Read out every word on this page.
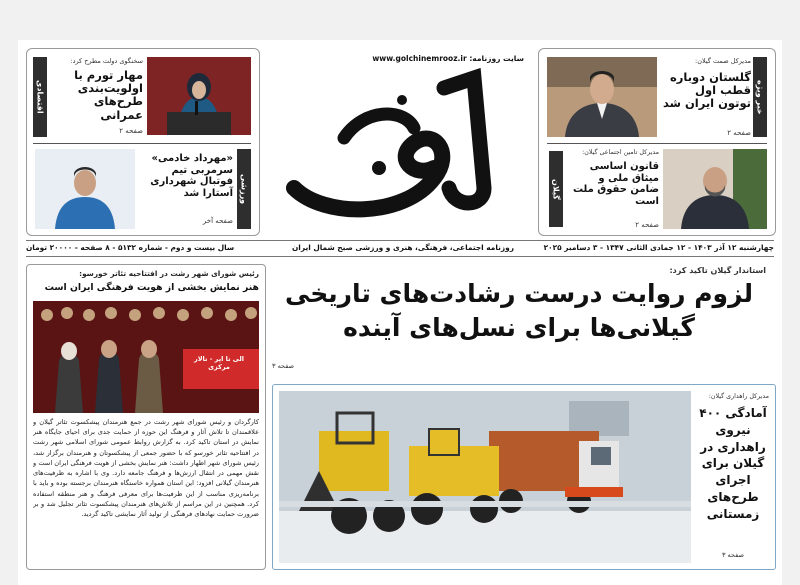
اقتصادی
سخنگوی دولت مطرح کرد:
مهار تورم با اولویت‌بندی طرح‌های عمرانی
صفحه ۲
ورزشی
«مهرداد خادمی» سرمربی تیم فوتبال شهرداری آستارا شد
صفحه آخر
سایت روزنامه: www.golchinemrooz.ir
خبر ویژه
مدیرکل صمت گیلان:
گلستان دوباره قطب اول توتون ایران شد
صفحه ۲
گیلان
مدیرکل تامین اجتماعی گیلان:
قانون اساسی میثاق ملی و ضامن حقوق ملت است
صفحه ۲
چهارشنبه ۱۲ آذر ۱۴۰۳ - ۱۲ جمادی الثانی ۱۳۴۷ - ۳ دسامبر ۲۰۲۵
روزنامه اجتماعی، فرهنگی، هنری و ورزشی صبح شمال ایران
سال بیست و دوم - شماره ۵۱۳۲ - ۸ صفحه - ۲۰۰۰۰ تومان
رئیس شورای شهر رشت در افتتاحیه تئاتر خورسو:
هنر نمایش بخشی از هویت فرهنگی ایران است
الی تا اپر - تالار مرکزی
کارگردان و رئیس شورای شهر رشت در جمع هنرمندان پیشکسوت تئاتر گیلان و علاقمندان تا تلاش آثار و فرهنگ این حوزه از حمایت جدی برای احیای جایگاه هنر نمایش در استان تاکید کرد. به گزارش روابط عمومی شورای اسلامی شهر رشت در افتتاحیه تئاتر خورسو که با حضور جمعی از پیشکسوتان و هنرمندان برگزار شد، رئیس شورای شهر اظهار داشت: هنر نمایش بخشی از هویت فرهنگی ایران است و نقش مهمی در انتقال ارزش‌ها و فرهنگ جامعه دارد. وی با اشاره به ظرفیت‌های هنرمندان گیلانی افزود: این استان همواره خاستگاه هنرمندان برجسته بوده و باید با برنامه‌ریزی مناسب از این ظرفیت‌ها برای معرفی فرهنگ و هنر منطقه استفاده کرد. همچنین در این مراسم از تلاش‌های هنرمندان پیشکسوت تئاتر تجلیل شد و بر ضرورت حمایت نهادهای فرهنگی از تولید آثار نمایشی تاکید گردید.
استاندار گیلان تاکید کرد:
لزوم روایت درست رشادت‌های تاریخی
گیلانی‌ها برای نسل‌های آینده
صفحه ۳
مدیرکل راهداری گیلان:
آمادگی ۴۰۰ نیروی راهداری در گیلان برای اجرای طرح‌های زمستانی
صفحه ۳
